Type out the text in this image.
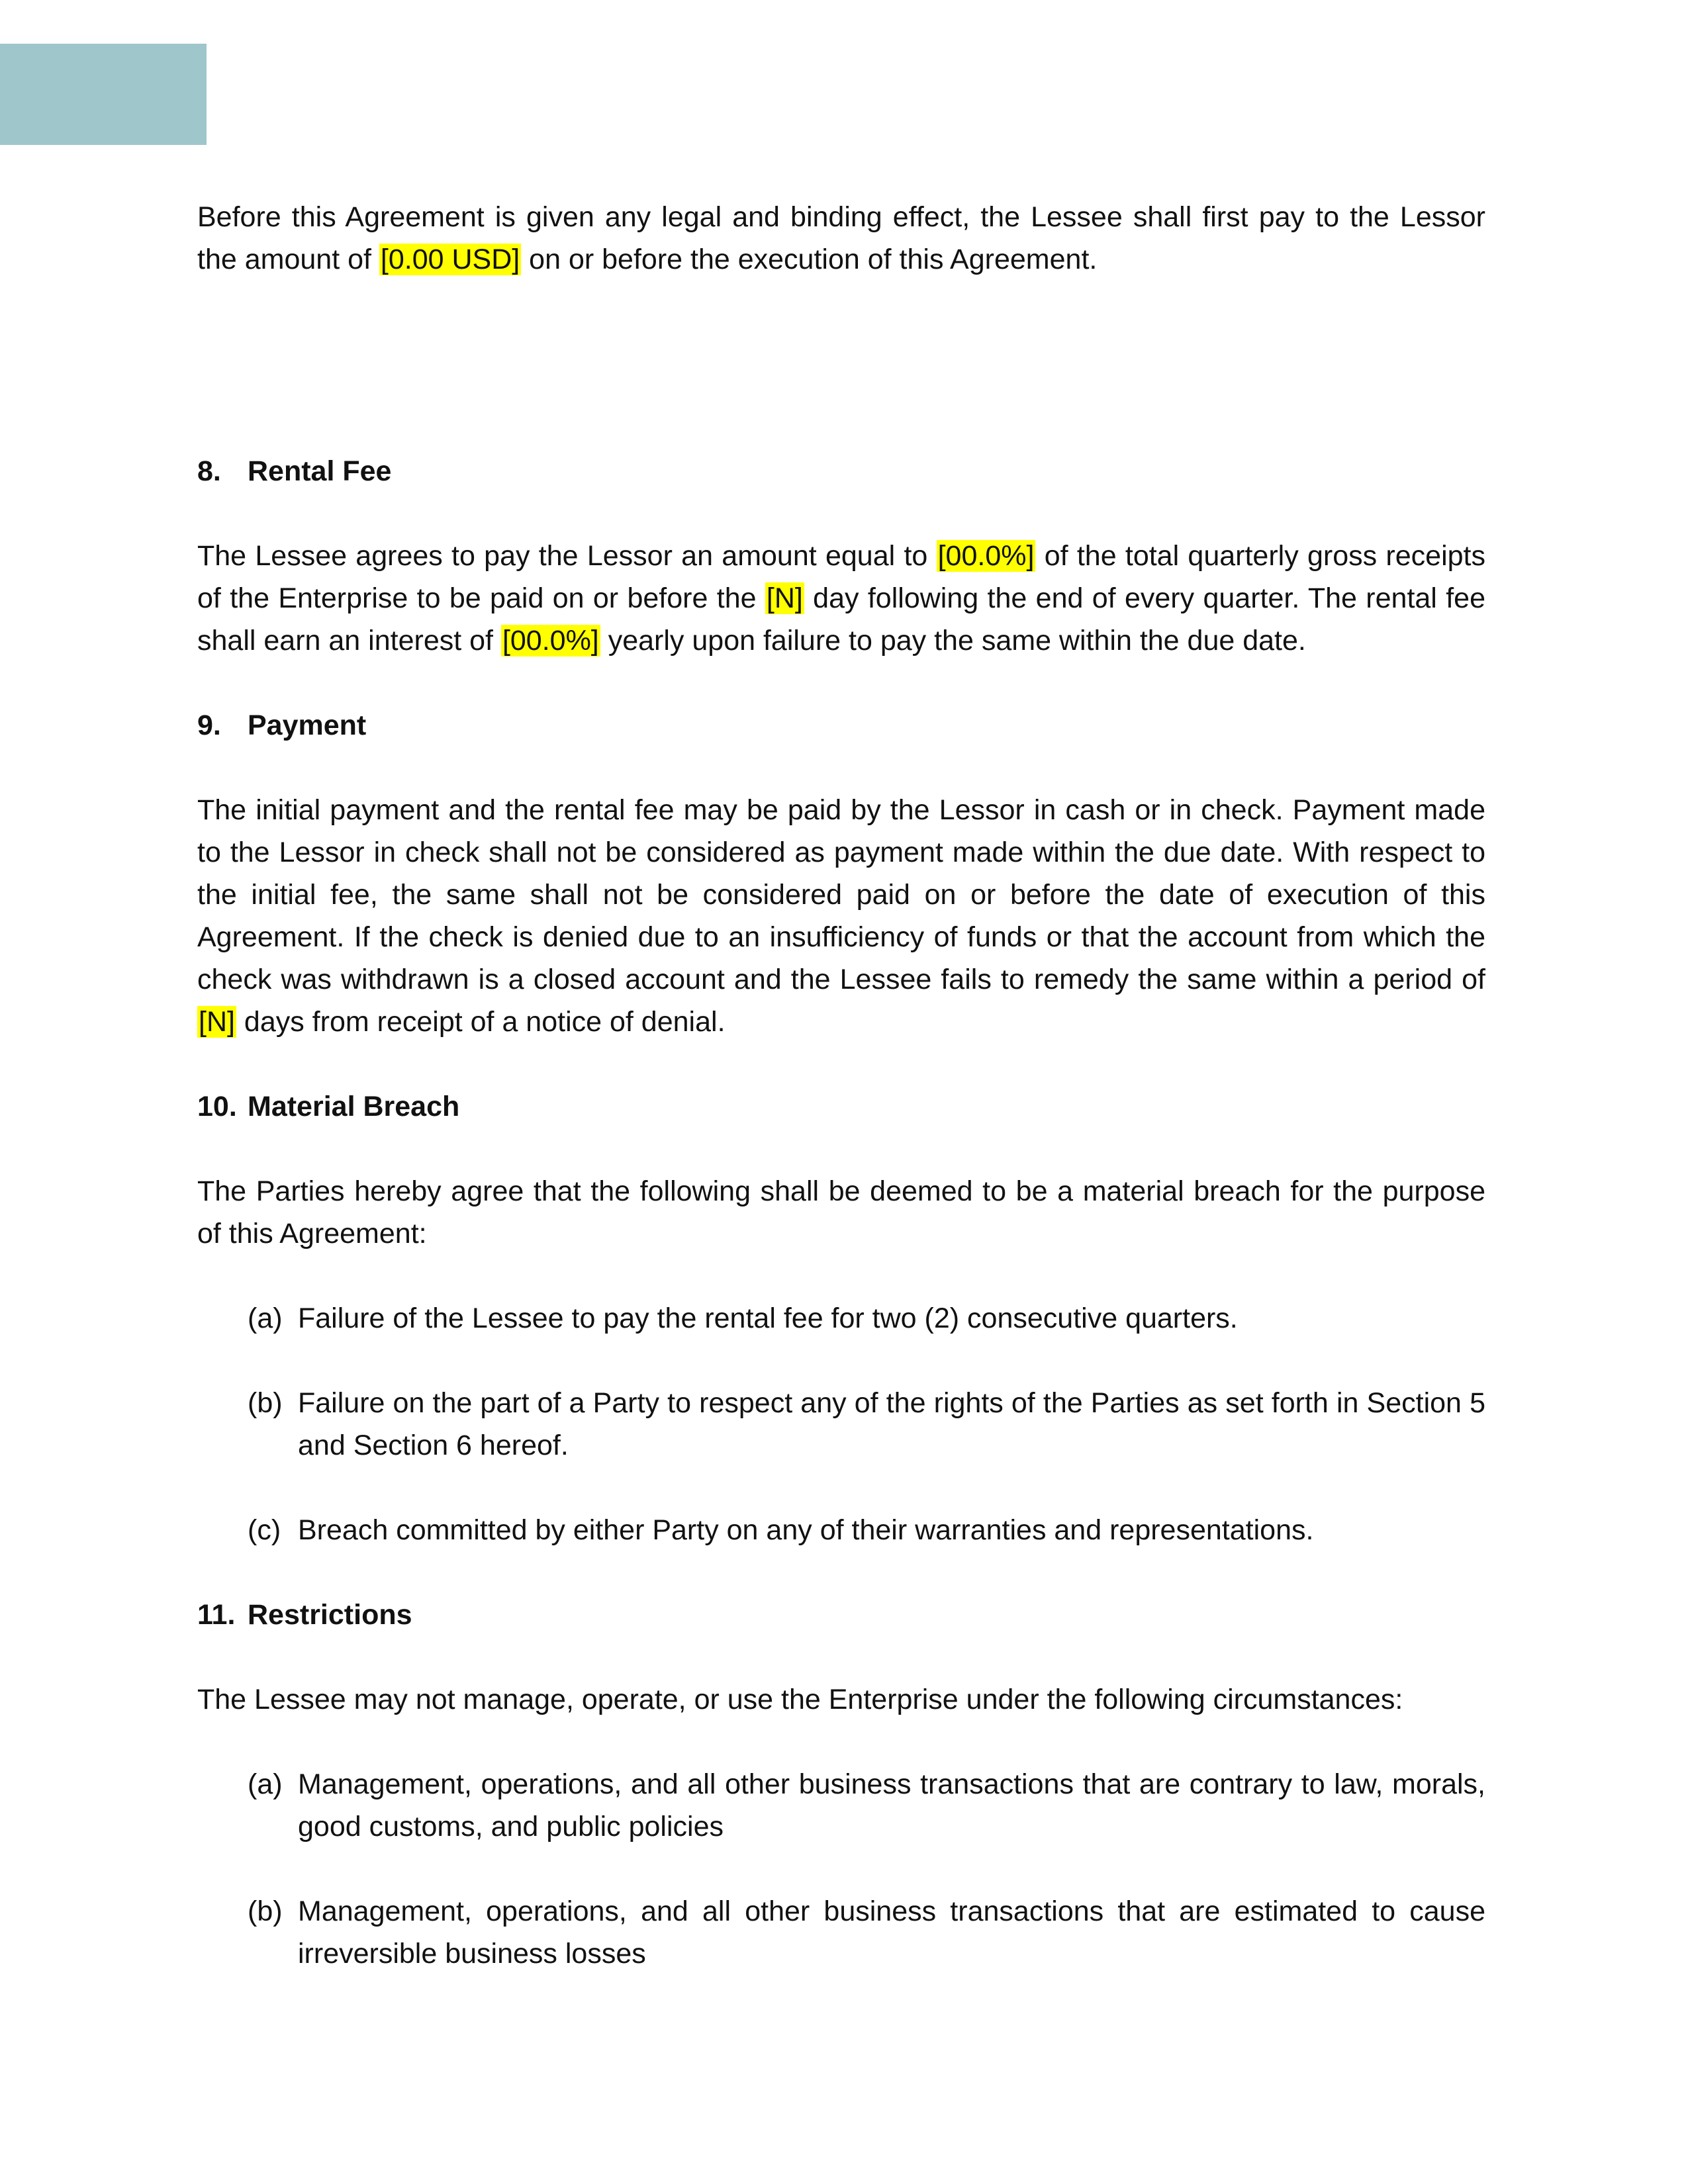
Before this Agreement is given any legal and binding effect, the Lessee shall first pay to the Lessor the amount of [0.00 USD] on or before the execution of this Agreement.

8. Rental Fee

The Lessee agrees to pay the Lessor an amount equal to [00.0%] of the total quarterly gross receipts of the Enterprise to be paid on or before the [N] day following the end of every quarter. The rental fee shall earn an interest of [00.0%] yearly upon failure to pay the same within the due date.

9. Payment

The initial payment and the rental fee may be paid by the Lessor in cash or in check. Payment made to the Lessor in check shall not be considered as payment made within the due date. With respect to the initial fee, the same shall not be considered paid on or before the date of execution of this Agreement. If the check is denied due to an insufficiency of funds or that the account from which the check was withdrawn is a closed account and the Lessee fails to remedy the same within a period of [N] days from receipt of a notice of denial.

10. Material Breach

The Parties hereby agree that the following shall be deemed to be a material breach for the purpose of this Agreement:

(a) Failure of the Lessee to pay the rental fee for two (2) consecutive quarters.
(b) Failure on the part of a Party to respect any of the rights of the Parties as set forth in Section 5 and Section 6 hereof.
(c) Breach committed by either Party on any of their warranties and representations.

11. Restrictions

The Lessee may not manage, operate, or use the Enterprise under the following circumstances:

(a) Management, operations, and all other business transactions that are contrary to law, morals, good customs, and public policies
(b) Management, operations, and all other business transactions that are estimated to cause irreversible business losses
